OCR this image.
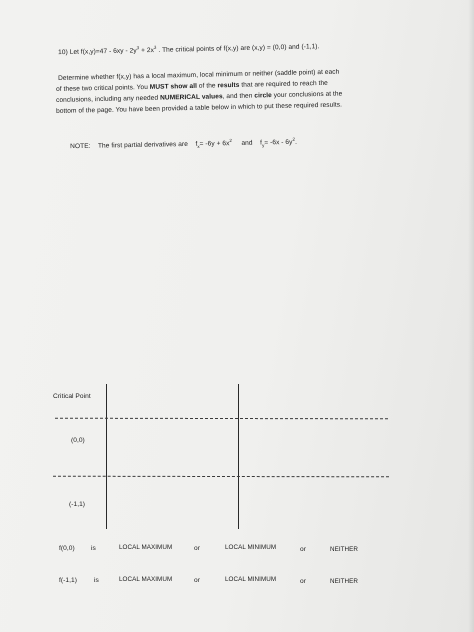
10) Let $f(x,y)=47 - 6xy - 2y^3 + 2x^3$ . The critical points of f(x,y) are (x,y) = (0,0) and (-1,1).
Determine whether f(x,y) has a local maximum, local minimum or neither (saddle point) at each
of these two critical points. You MUST show all of the results that are required to reach the
conclusions, including any needed NUMERICAL values, and then circle your conclusions at the
bottom of the page. You have been provided a table below in which to put these required results.
NOTE: The first partial derivatives are $f_x= -6y + 6x^2$ and $f_y= -6x - 6y^2$.
Critical Point
(0,0)
(-1,1)
f(0,0) is	LOCAL MAXIMUM	or	LOCAL MINIMUM	or	NEITHER
f(-1,1)	is	LOCAL MAXIMUM	or	LOCAL MINIMUM	or	NEITHER
